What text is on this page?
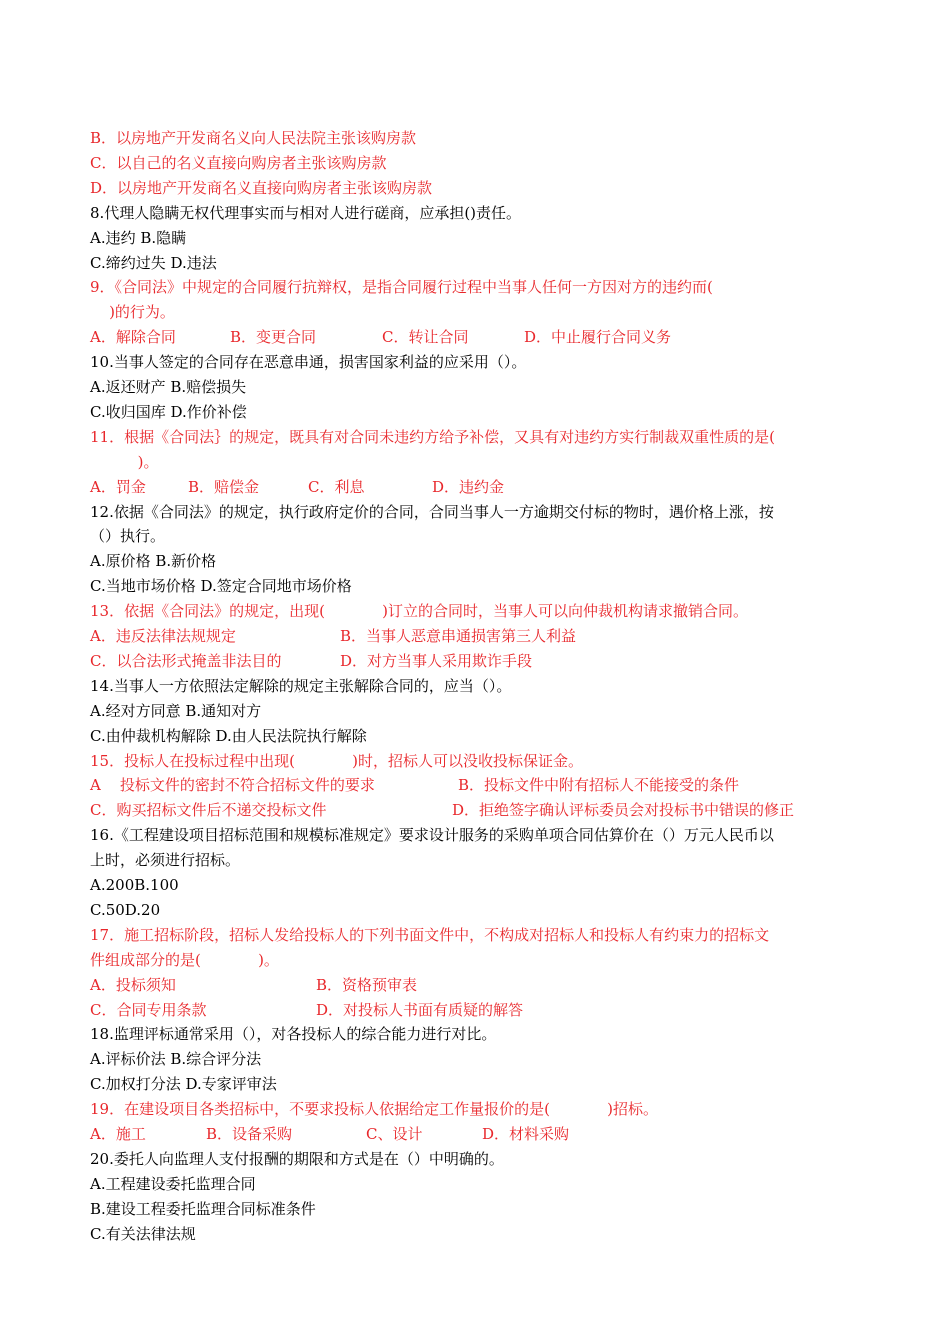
B．以房地产开发商名义向人民法院主张该购房款
C．以自己的名义直接向购房者主张该购房款
D．以房地产开发商名义直接向购房者主张该购房款
8.代理人隐瞒无权代理事实而与相对人进行磋商，应承担()责任。
A.违约 B.隐瞒
C.缔约过失 D.违法
9．《合同法》中规定的合同履行抗辩权，是指合同履行过程中当事人任何一方因对方的违约而(
)的行为。
A．解除合同	B．变更合同	C．转让合同	D．中止履行合同义务
10.当事人签定的合同存在恶意串通，损害国家利益的应采用（）。
A.返还财产 B.赔偿损失
C.收归国库 D.作价补偿
11．根据《合同法｝的规定，既具有对合同未违约方给予补偿，又具有对违约方实行制裁双重性质的是(
)。
A．罚金	B．赔偿金	C．利息	D．违约金
12.依据《合同法》的规定，执行政府定价的合同，合同当事人一方逾期交付标的物时，遇价格上涨，按
（）执行。
A.原价格 B.新价格
C.当地市场价格 D.签定合同地市场价格
13．依据《合同法》的规定，出现(            )订立的合同时，当事人可以向仲裁机构请求撤销合同。
A．违反法律法规规定	B．当事人恶意串通损害第三人利益
C．以合法形式掩盖非法目的	D．对方当事人采用欺诈手段
14.当事人一方依照法定解除的规定主张解除合同的，应当（）。
A.经对方同意 B.通知对方
C.由仲裁机构解除 D.由人民法院执行解除
15．投标人在投标过程中出现(            )时，招标人可以没收投标保证金。
A    投标文件的密封不符合招标文件的要求	B．投标文件中附有招标人不能接受的条件
C．购买招标文件后不递交投标文件	D．拒绝签字确认评标委员会对投标书中错误的修正
16.《工程建设项目招标范围和规模标准规定》要求设计服务的采购单项合同估算价在（）万元人民币以
上时，必须进行招标。
A.200B.100
C.50D.20
17．施工招标阶段，招标人发给投标人的下列书面文件中，不构成对招标人和投标人有约束力的招标文
件组成部分的是(            )。
A．投标须知	B．资格预审表
C．合同专用条款	D．对投标人书面有质疑的解答
18.监理评标通常采用（），对各投标人的综合能力进行对比。
A.评标价法 B.综合评分法
C.加权打分法 D.专家评审法
19．在建设项目各类招标中，不要求投标人依据给定工作量报价的是(            )招标。
A．施工	B．设备采购	C、设计	D．材料采购
20.委托人向监理人支付报酬的期限和方式是在（）中明确的。
A.工程建设委托监理合同
B.建设工程委托监理合同标准条件
C.有关法律法规
